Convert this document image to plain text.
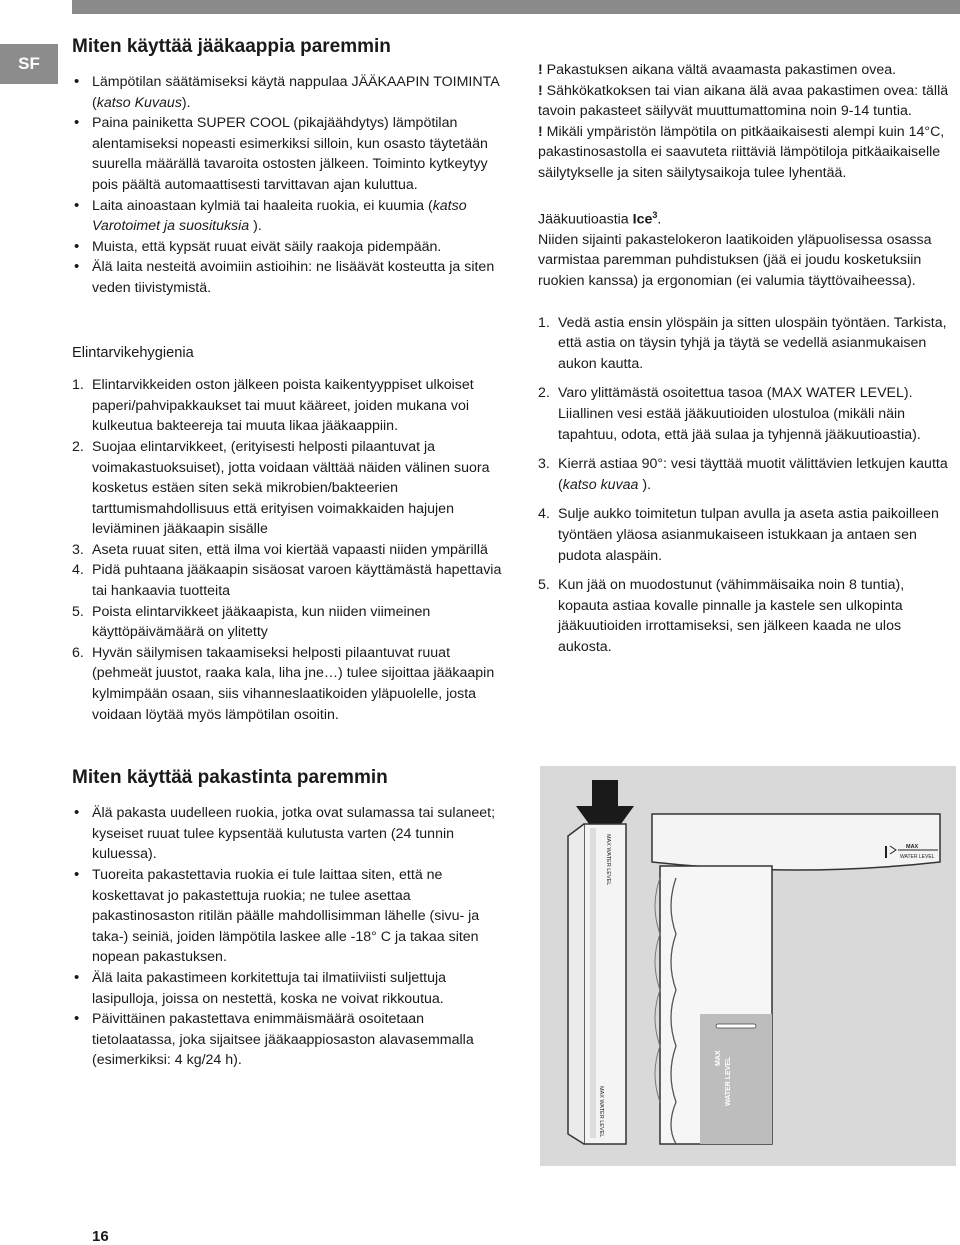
SF
Miten käyttää jääkaappia paremmin
• Lämpötilan säätämiseksi käytä nappulaa JÄÄKAAPIN TOIMINTA (katso Kuvaus).
• Paina painiketta SUPER COOL (pikajäähdytys) lämpötilan alentamiseksi nopeasti esimerkiksi silloin, kun osasto täytetään suurella määrällä tavaroita ostosten jälkeen. Toiminto kytkeytyy pois päältä automaattisesti tarvittavan ajan kuluttua.
• Laita ainoastaan kylmiä tai haaleita ruokia, ei kuumia (katso Varotoimet ja suosituksia ).
• Muista, että kypsät ruuat eivät säily raakoja pidempään.
• Älä laita nesteitä avoimiin astioihin: ne lisäävät kosteutta ja siten veden tiivistymistä.
Elintarvikehygienia
1. Elintarvikkeiden oston jälkeen poista kaikentyyppiset ulkoiset paperi/pahvipakkaukset tai muut kääreet, joiden mukana voi kulkeutua bakteereja tai muuta likaa jääkaappiin.
2. Suojaa elintarvikkeet, (erityisesti helposti pilaantuvat ja voimakastuoksuiset), jotta voidaan välttää näiden välinen suora kosketus estäen siten sekä mikrobien/bakteerien tarttumismahdollisuus että erityisen voimakkaiden hajujen leviäminen jääkaapin sisälle
3. Aseta ruuat siten, että ilma voi kiertää vapaasti niiden ympärillä
4. Pidä puhtaana jääkaapin sisäosat varoen käyttämästä hapettavia tai hankaavia tuotteita
5. Poista elintarvikkeet jääkaapista, kun niiden viimeinen käyttöpäivämäärä on ylitetty
6. Hyvän säilymisen takaamiseksi helposti pilaantuvat ruuat (pehmeät juustot, raaka kala, liha jne…) tulee sijoittaa jääkaapin kylmimpään osaan, siis vihanneslaatikoiden yläpuolelle, josta voidaan löytää myös lämpötilan osoitin.
Miten käyttää pakastinta paremmin
• Älä pakasta uudelleen ruokia, jotka ovat sulamassa tai sulaneet; kyseiset ruuat tulee kypsentää kulutusta varten (24 tunnin kuluessa).
• Tuoreita pakastettavia ruokia ei tule laittaa siten, että ne koskettavat jo pakastettuja ruokia; ne tulee asettaa pakastinosaston ritilän päälle mahdollisimman lähelle (sivu- ja taka-) seiniä, joiden lämpötila laskee alle -18° C ja takaa siten nopean pakastuksen.
• Älä laita pakastimeen korkitettuja tai ilmatiiviisti suljettuja lasipulloja, joissa on nestettä, koska ne voivat rikkoutua.
• Päivittäinen pakastettava enimmäismäärä osoitetaan tietolaatassa, joka sijaitsee jääkaappiosaston alavasemmalla (esimerkiksi: 4 kg/24 h).

! Pakastuksen aikana vältä avaamasta pakastimen ovea.

! Sähkökatkoksen tai vian aikana älä avaa pakastimen ovea: tällä tavoin pakasteet säilyvät muuttumattomina noin 9-14 tuntia.

! Mikäli ympäristön lämpötila on pitkäaikaisesti alempi kuin 14°C, pakastinosastolla ei saavuteta riittäviä lämpötiloja pitkäaikaiselle säilytykselle ja siten säilytysaikoja tulee lyhentää.

Jääkuutioastia Ice$^3$.

Niiden sijainti pakastelokeron laatikoiden yläpuolisessa osassa varmistaa paremman puhdistuksen (jää ei joudu kosketuksiin ruokien kanssa) ja ergonomian (ei valumia täyttövaiheessa).

1. Vedä astia ensin ylöspäin ja sitten ulospäin työntäen. Tarkista, että astia on täysin tyhjä ja täytä se vedellä asianmukaisen aukon kautta.
2. Varo ylittämästä osoitettua tasoa (MAX WATER LEVEL). Liiallinen vesi estää jääkuutioiden ulostuloa (mikäli näin tapahtuu, odota, että jää sulaa ja tyhjennä jääkuutioastia).
3. Kierrä astiaa 90°: vesi täyttää muotit välittävien letkujen kautta (katso kuvaa ).
4. Sulje aukko toimitetun tulpan avulla ja aseta astia paikoilleen työntäen yläosa asianmukaiseen istukkaan ja antaen sen pudota alaspäin.
5. Kun jää on muodostunut (vähimmäisaika noin 8 tuntia), kopauta astiaa kovalle pinnalle ja kastele sen ulkopinta jääkuutioiden irrottamiseksi, sen jälkeen kaada ne ulos aukosta.
MAX WATER LEVEL
MAX WATER LEVEL
MAX
WATER LEVEL
MAX WATER LEVEL
16
